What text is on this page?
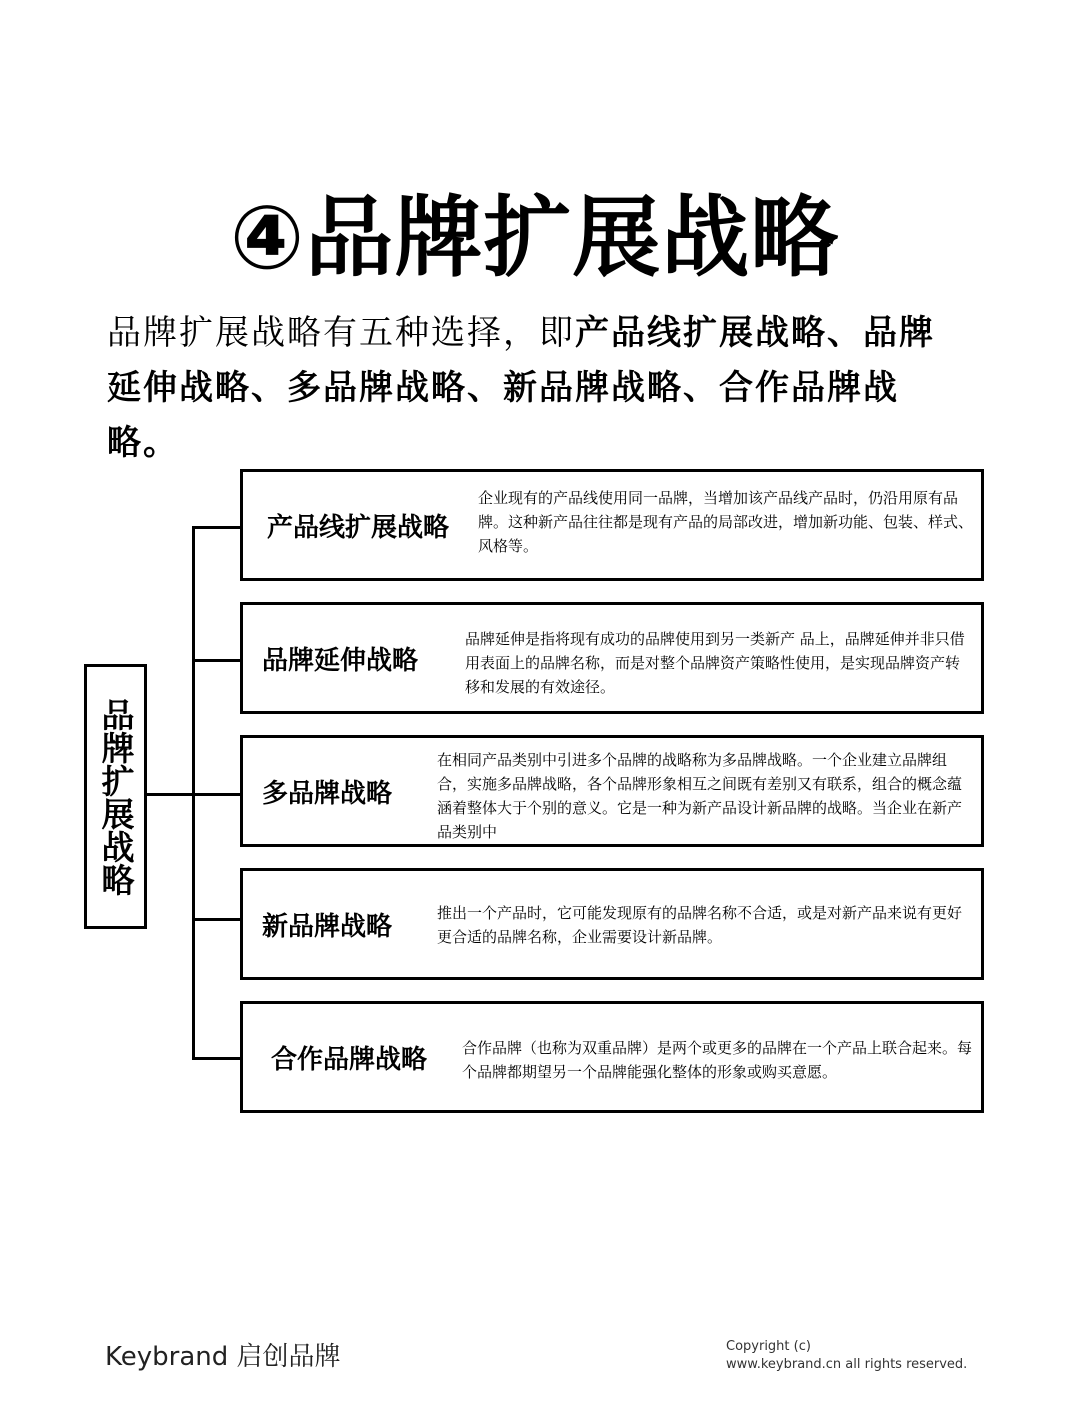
④品牌扩展战略
品牌扩展战略有五种选择，即产品线扩展战略、品牌延伸战略、多品牌战略、新品牌战略、合作品牌战略。
品牌扩展战略
产品线扩展战略
企业现有的产品线使用同一品牌，当增加该产品线产品时，仍沿用原有品牌。这种新产品往往都是现有产品的局部改进，增加新功能、包装、样式、风格等。
品牌延伸战略
品牌延伸是指将现有成功的品牌使用到另一类新产 品上，品牌延伸并非只借用表面上的品牌名称，而是对整个品牌资产策略性使用，是实现品牌资产转移和发展的有效途径。
多品牌战略
在相同产品类别中引进多个品牌的战略称为多品牌战略。一个企业建立品牌组合，实施多品牌战略，各个品牌形象相互之间既有差别又有联系，组合的概念蕴涵着整体大于个别的意义。它是一种为新产品设计新品牌的战略。当企业在新产品类别中
新品牌战略	推出一个产品时，它可能发现原有的品牌名称不合适，或是对新产品来说有更好更合适的品牌名称，企业需要设计新品牌。
合作品牌战略 合作品牌（也称为双重品牌）是两个或更多的品牌在一个产品上联合起来。每个品牌都期望另一个品牌能强化整体的形象或购买意愿。
Keybrand 启创品牌	Copyright (c)
www.keybrand.cn all rights reserved.
